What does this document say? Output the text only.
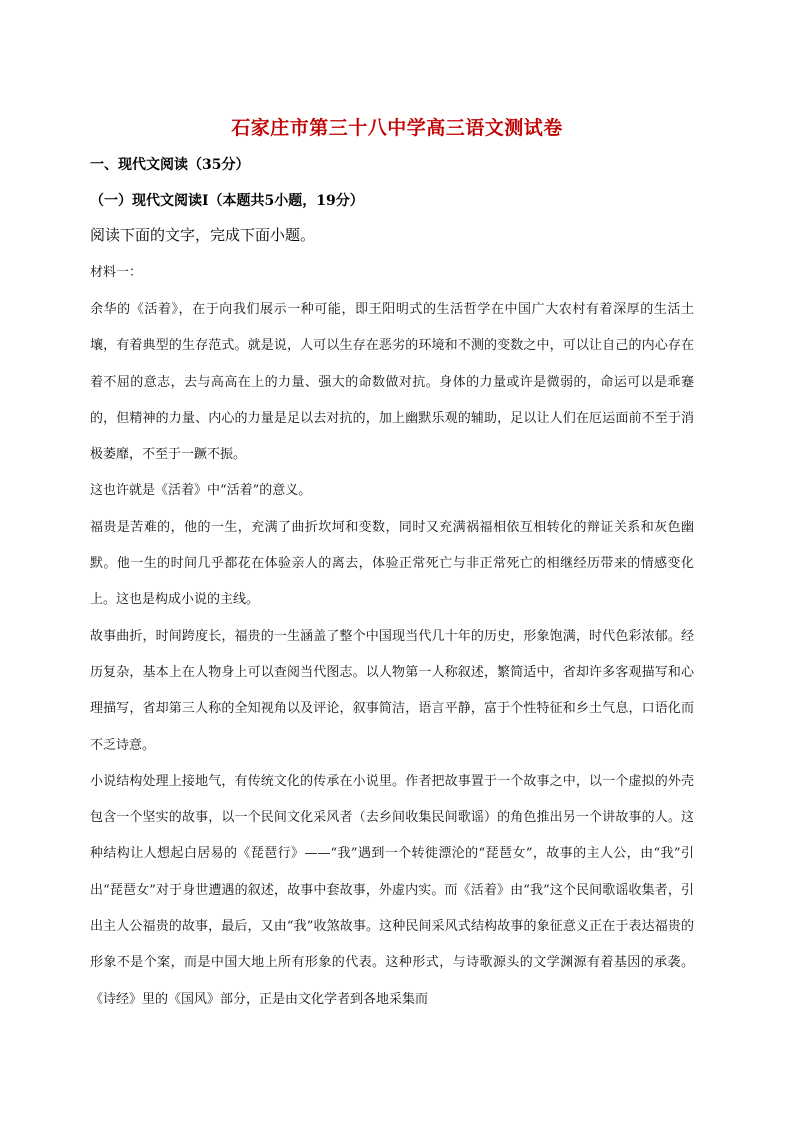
石家庄市第三十八中学高三语文测试卷
一、现代文阅读（35分）
（一）现代文阅读Ⅰ（本题共5小题，19分）
阅读下面的文字，完成下面小题。
材料一：

余华的《活着》，在于向我们展示一种可能，即王阳明式的生活哲学在中国广大农村有着深厚的生活土壤，有着典型的生存范式。就是说，人可以生存在恶劣的环境和不测的变数之中，可以让自己的内心存在着不屈的意志，去与高高在上的力量、强大的命数做对抗。身体的力量或许是微弱的，命运可以是乖蹇的，但精神的力量、内心的力量是足以去对抗的，加上幽默乐观的辅助，足以让人们在厄运面前不至于消极萎靡，不至于一蹶不振。

这也许就是《活着》中“活着”的意义。

福贵是苦难的，他的一生，充满了曲折坎坷和变数，同时又充满祸福相依互相转化的辩证关系和灰色幽默。他一生的时间几乎都花在体验亲人的离去，体验正常死亡与非正常死亡的相继经历带来的情感变化上。这也是构成小说的主线。

故事曲折，时间跨度长，福贵的一生涵盖了整个中国现当代几十年的历史，形象饱满，时代色彩浓郁。经历复杂，基本上在人物身上可以查阅当代图志。以人物第一人称叙述，繁简适中，省却许多客观描写和心理描写，省却第三人称的全知视角以及评论，叙事简洁，语言平静，富于个性特征和乡土气息，口语化而不乏诗意。

小说结构处理上接地气，有传统文化的传承在小说里。作者把故事置于一个故事之中，以一个虚拟的外壳包含一个坚实的故事，以一个民间文化采风者（去乡间收集民间歌谣）的角色推出另一个讲故事的人。这种结构让人想起白居易的《琵琶行》——“我”遇到一个转徙漂沦的“琵琶女”，故事的主人公，由“我”引出“琵琶女”对于身世遭遇的叙述，故事中套故事，外虚内实。而《活着》由“我”这个民间歌谣收集者，引出主人公福贵的故事，最后，又由“我”收煞故事。这种民间采风式结构故事的象征意义正在于表达福贵的形象不是个案，而是中国大地上所有形象的代表。这种形式，与诗歌源头的文学渊源有着基因的承袭。《诗经》里的《国风》部分，正是由文化学者到各地采集而
